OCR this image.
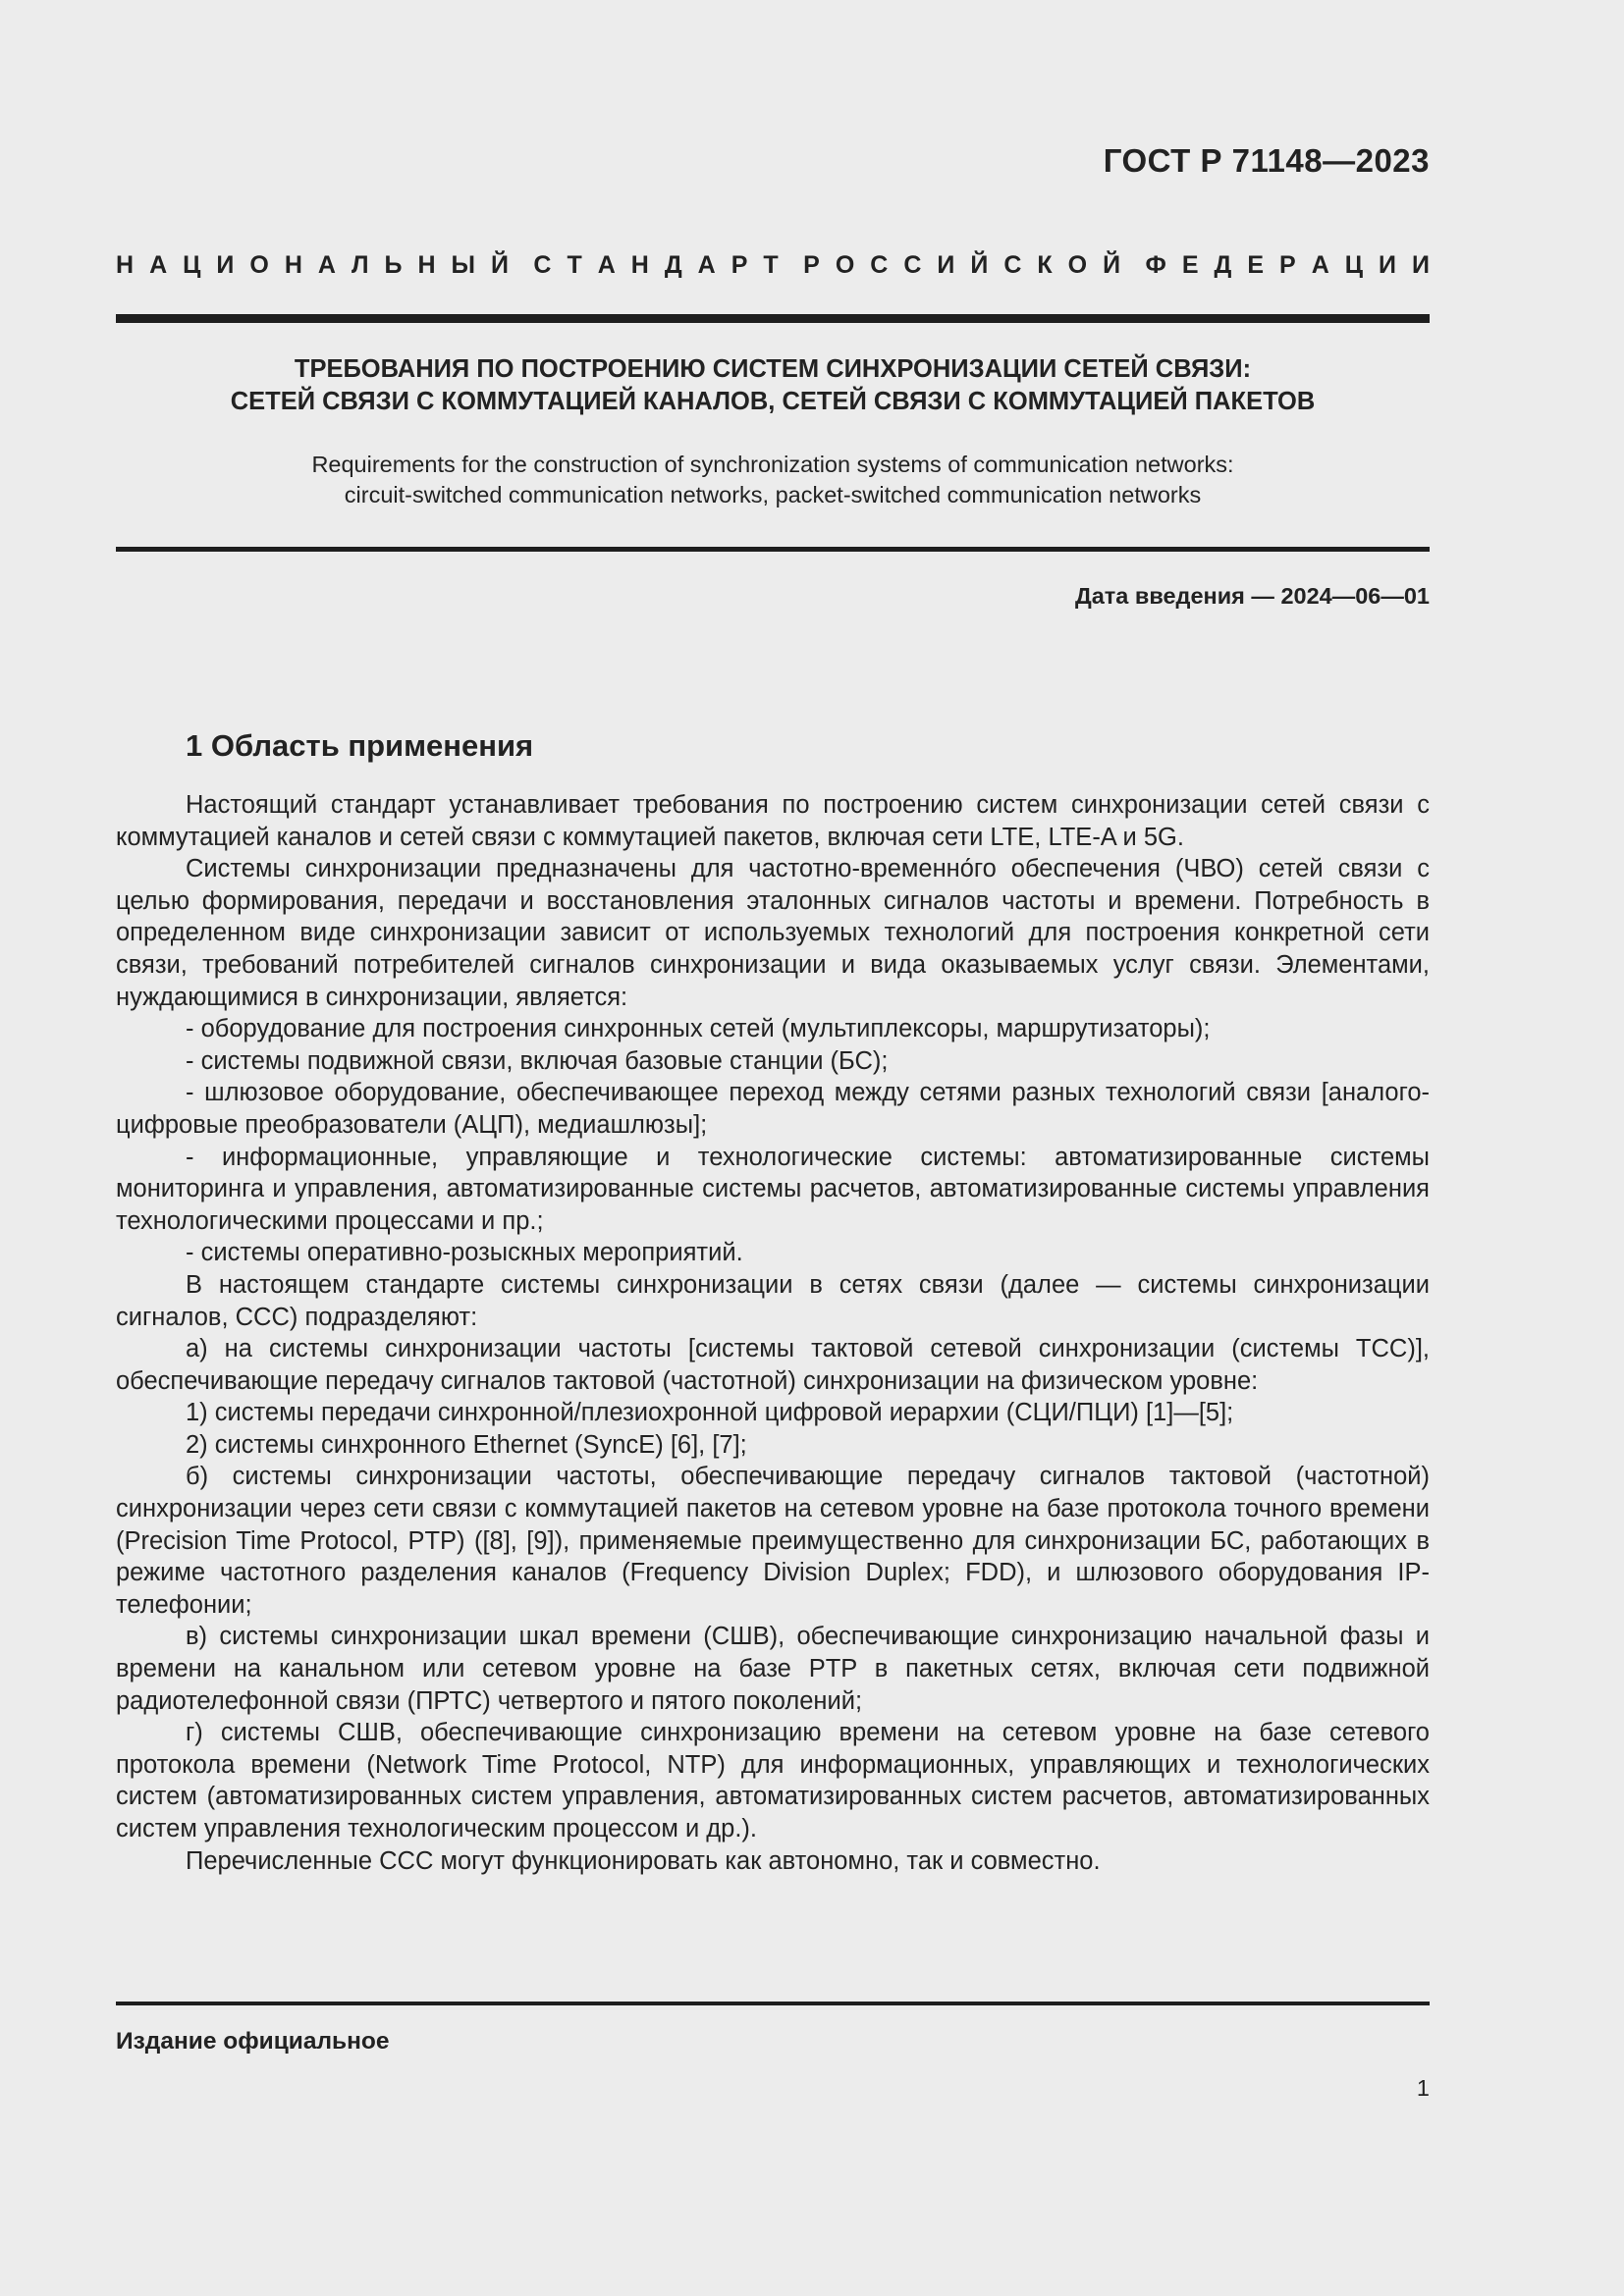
ГОСТ Р 71148—2023
Н А Ц И О Н А Л Ь Н Ы Й С Т А Н Д А Р Т Р О С С И Й С К О Й Ф Е Д Е Р А Ц И И
ТРЕБОВАНИЯ ПО ПОСТРОЕНИЮ СИСТЕМ СИНХРОНИЗАЦИИ СЕТЕЙ СВЯЗИ:
СЕТЕЙ СВЯЗИ С КОММУТАЦИЕЙ КАНАЛОВ, СЕТЕЙ СВЯЗИ С КОММУТАЦИЕЙ ПАКЕТОВ
Requirements for the construction of synchronization systems of communication networks:
circuit-switched communication networks, packet-switched communication networks
Дата введения — 2024—06—01
1 Область применения

Настоящий стандарт устанавливает требования по построению систем синхронизации сетей связи с коммутацией каналов и сетей связи с коммутацией пакетов, включая сети LTE, LTE-A и 5G.

Системы синхронизации предназначены для частотно-временно́го обеспечения (ЧВО) сетей связи с целью формирования, передачи и восстановления эталонных сигналов частоты и времени. Потребность в определенном виде синхронизации зависит от используемых технологий для построения конкретной сети связи, требований потребителей сигналов синхронизации и вида оказываемых услуг связи. Элементами, нуждающимися в синхронизации, является:

- оборудование для построения синхронных сетей (мультиплексоры, маршрутизаторы);

- системы подвижной связи, включая базовые станции (БС);

- шлюзовое оборудование, обеспечивающее переход между сетями разных технологий связи [аналого-цифровые преобразователи (АЦП), медиашлюзы];

- информационные, управляющие и технологические системы: автоматизированные системы мониторинга и управления, автоматизированные системы расчетов, автоматизированные системы управления технологическими процессами и пр.;

- системы оперативно-розыскных мероприятий.

В настоящем стандарте системы синхронизации в сетях связи (далее — системы синхронизации сигналов, ССС) подразделяют:

а) на системы синхронизации частоты [системы тактовой сетевой синхронизации (системы ТСС)], обеспечивающие передачу сигналов тактовой (частотной) синхронизации на физическом уровне:

1) системы передачи синхронной/плезиохронной цифровой иерархии (СЦИ/ПЦИ) [1]—[5];

2) системы синхронного Ethernet (SyncE) [6], [7];

б) системы синхронизации частоты, обеспечивающие передачу сигналов тактовой (частотной) синхронизации через сети связи с коммутацией пакетов на сетевом уровне на базе протокола точного времени (Precision Time Protocol, PTP) ([8], [9]), применяемые преимущественно для синхронизации БС, работающих в режиме частотного разделения каналов (Frequency Division Duplex; FDD), и шлюзового оборудования IP-телефонии;

в) системы синхронизации шкал времени (СШВ), обеспечивающие синхронизацию начальной фазы и времени на канальном или сетевом уровне на базе PTP в пакетных сетях, включая сети подвижной радиотелефонной связи (ПРТС) четвертого и пятого поколений;

г) системы СШВ, обеспечивающие синхронизацию времени на сетевом уровне на базе сетевого протокола времени (Network Time Protocol, NTP) для информационных, управляющих и технологических систем (автоматизированных систем управления, автоматизированных систем расчетов, автоматизированных систем управления технологическим процессом и др.).

Перечисленные ССС могут функционировать как автономно, так и совместно.

Издание официальное
1
